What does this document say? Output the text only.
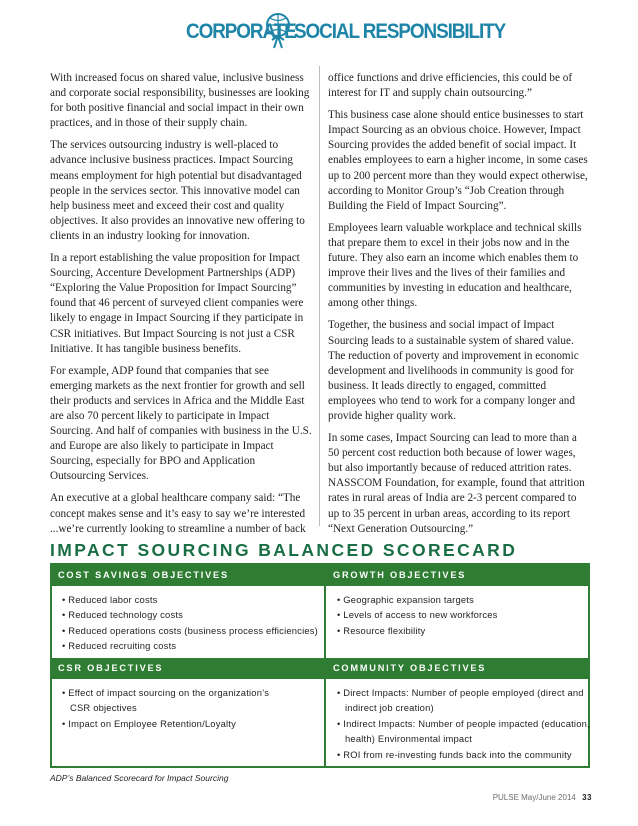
CORPORATE
SOCIAL RESPONSIBILITY

With increased focus on shared value, inclusive business and corporate social responsibility, businesses are looking for both positive financial and social impact in their own practices, and in those of their supply chain.

The services outsourcing industry is well-placed to advance inclusive business practices. Impact Sourcing means employment for high potential but disadvantaged people in the services sector. This innovative model can help business meet and exceed their cost and quality objectives. It also provides an innovative new offering to clients in an industry looking for innovation.

In a report establishing the value proposition for Impact Sourcing, Accenture Development Partnerships (ADP) “Exploring the Value Proposition for Impact Sourcing” found that 46 percent of surveyed client companies were likely to engage in Impact Sourcing if they participate in CSR initiatives. But Impact Sourcing is not just a CSR Initiative. It has tangible business benefits.

For example, ADP found that companies that see emerging markets as the next frontier for growth and sell their products and services in Africa and the Middle East are also 70 percent likely to participate in Impact Sourcing. And half of companies with business in the U.S. and Europe are also likely to participate in Impact Sourcing, especially for BPO and Application Outsourcing Services.

An executive at a global healthcare company said: “The concept makes sense and it’s easy to say we’re interested ...we’re currently looking to streamline a number of back

office functions and drive efficiencies, this could be of interest for IT and supply chain outsourcing.”

This business case alone should entice businesses to start Impact Sourcing as an obvious choice. However, Impact Sourcing provides the added benefit of social impact. It enables employees to earn a higher income, in some cases up to 200 percent more than they would expect otherwise, according to Monitor Group’s “Job Creation through Building the Field of Impact Sourcing”.

Employees learn valuable workplace and technical skills that prepare them to excel in their jobs now and in the future. They also earn an income which enables them to improve their lives and the lives of their families and communities by investing in education and healthcare, among other things.

Together, the business and social impact of Impact Sourcing leads to a sustainable system of shared value. The reduction of poverty and improvement in economic development and livelihoods in community is good for business. It leads directly to engaged, committed employees who tend to work for a company longer and provide higher quality work.

In some cases, Impact Sourcing can lead to more than a 50 percent cost reduction both because of lower wages, but also importantly because of reduced attrition rates. NASSCOM Foundation, for example, found that attrition rates in rural areas of India are 2-3 percent compared to up to 35 percent in urban areas, according to its report “Next Generation Outsourcing.”

IMPACT SOURCING BALANCED SCORECARD
COST SAVINGS OBJECTIVES	GROWTH OBJECTIVES
• Reduced labor costs
• Reduced technology costs
• Reduced operations costs (business process efficiencies)
• Reduced recruiting costs
• Geographic expansion targets
• Levels of access to new workforces
• Resource flexibility
CSR OBJECTIVES	COMMUNITY OBJECTIVES
• Effect of impact sourcing on the organization’s
CSR objectives
• Impact on Employee Retention/Loyalty
• Direct Impacts: Number of people employed (direct and
indirect job creation)
• Indirect Impacts: Number of people impacted (education,
health) Environmental impact
• ROI from re-investing funds back into the community
ADP’s Balanced Scorecard for Impact Sourcing
PULSE May/June 2014 33
